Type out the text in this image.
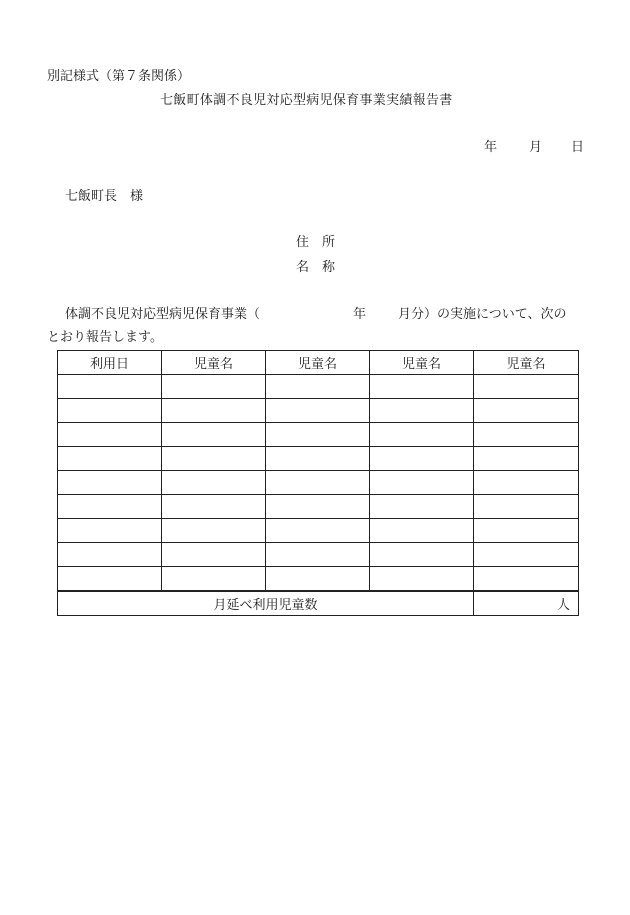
別記様式（第７条関係）
七飯町体調不良児対応型病児保育事業実績報告書
年 月 日
七飯町長　様
住　所
名　称
体調不良児対応型病児保育事業（	年 月分）の実施について、次の
とおり報告します。
利用日	児童名	児童名	児童名	児童名

月延べ利用児童数				人
